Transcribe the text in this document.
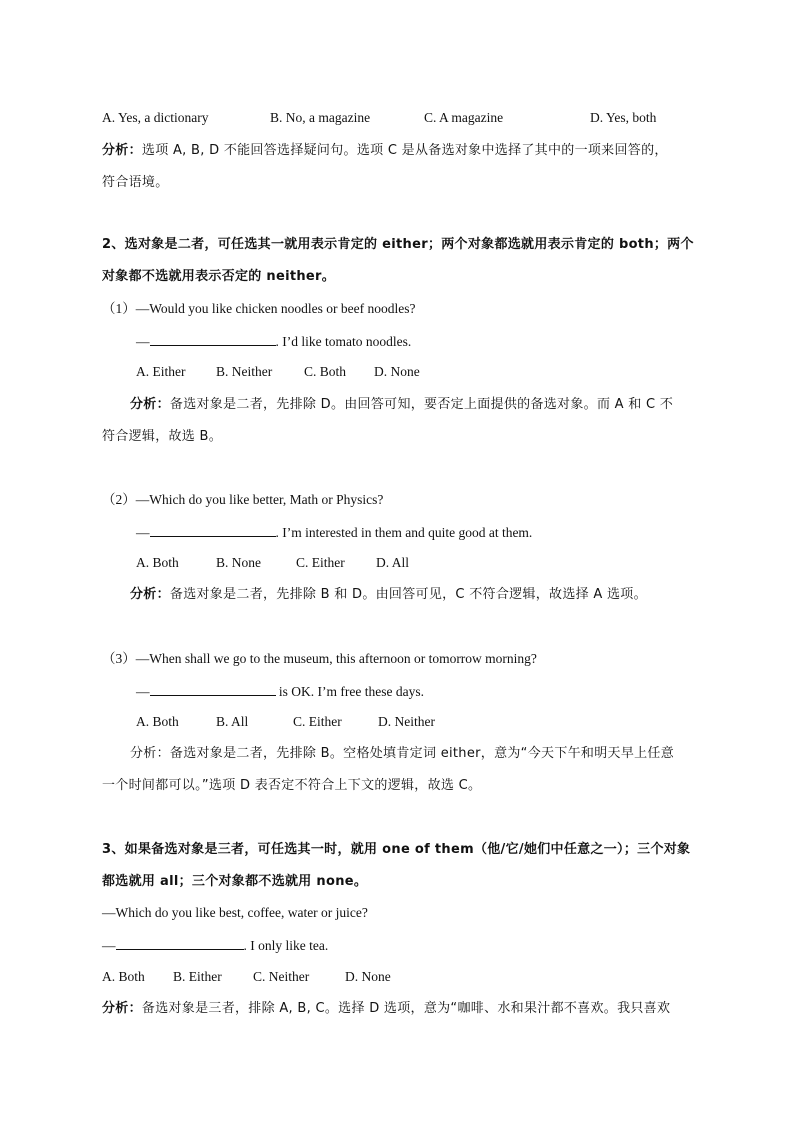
A. Yes, a dictionary	B. No, a magazine	C. A magazine	D. Yes, both
分析：选项 A, B, D 不能回答选择疑问句。选项 C 是从备选对象中选择了其中的一项来回答的，
符合语境。
2、选对象是二者，可任选其一就用表示肯定的 either；两个对象都选就用表示肯定的 both；两个
对象都不选就用表示否定的 neither。
（1）—Would you like chicken noodles or beef noodles?
—	. I’d like tomato noodles.
A. Either B. Neither C. Both D. None
分析：备选对象是二者，先排除 D。由回答可知，要否定上面提供的备选对象。而 A 和 C 不
符合逻辑，故选 B。
（2）—Which do you like better, Math or Physics?
—	. I’m interested in them and quite good at them.
A. Both	B. None	C. Either D. All
分析：备选对象是二者，先排除 B 和 D。由回答可见，C 不符合逻辑，故选择 A 选项。
（3）—When shall we go to the museum, this afternoon or tomorrow morning?
—	is OK. I’m free these days.
A. Both	B. All	C. Either	D. Neither
分析：备选对象是二者，先排除 B。空格处填肯定词 either，意为“今天下午和明天早上任意
一个时间都可以。”选项 D 表否定不符合上下文的逻辑，故选 C。
3、如果备选对象是三者，可任选其一时，就用 one of them（他/它/她们中任意之一）；三个对象
都选就用 all；三个对象都不选就用 none。
—Which do you like best, coffee, water or juice?
—	. I only like tea.
A. Both B. Either C. Neither	D. None
分析：备选对象是三者，排除 A, B, C。选择 D 选项，意为“咖啡、水和果汁都不喜欢。我只喜欢
